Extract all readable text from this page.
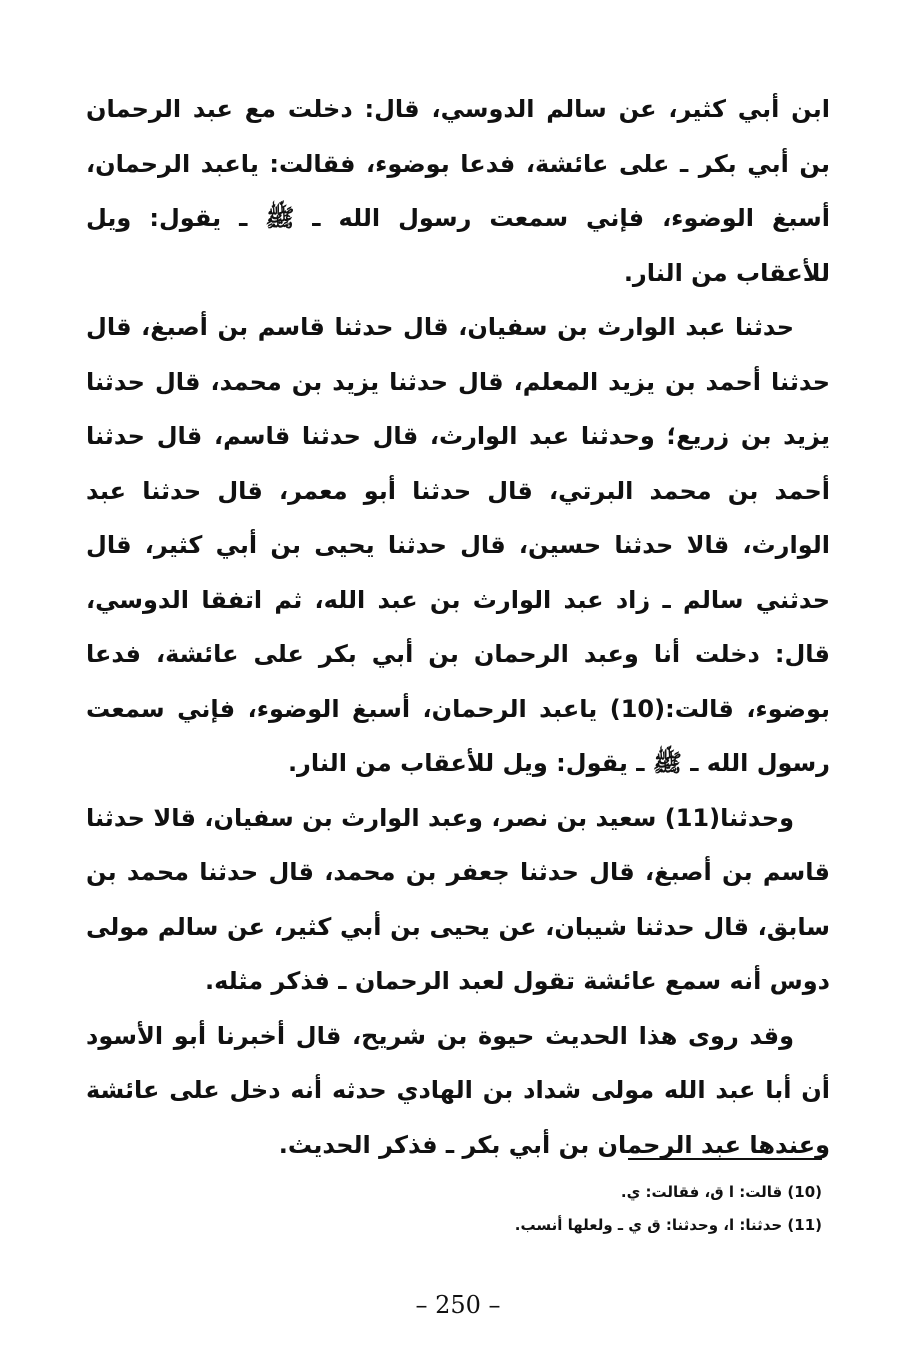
ابن أبي كثير، عن سالم الدوسي، قال: دخلت مع عبد الرحمان بن أبي بكر ـ على عائشة، فدعا بوضوء، فقالت: ياعبد الرحمان، أسبغ الوضوء، فإني سمعت رسول الله ـ ﷺ ـ يقول: ويل للأعقاب من النار.

حدثنا عبد الوارث بن سفيان، قال حدثنا قاسم بن أصبغ، قال حدثنا أحمد بن يزيد المعلم، قال حدثنا يزيد بن محمد، قال حدثنا يزيد بن زريع؛ وحدثنا عبد الوارث، قال حدثنا قاسم، قال حدثنا أحمد بن محمد البرتي، قال حدثنا أبو معمر، قال حدثنا عبد الوارث، قالا حدثنا حسين، قال حدثنا يحيى بن أبي كثير، قال حدثني سالم ـ زاد عبد الوارث بن عبد الله، ثم اتفقا الدوسي، قال: دخلت أنا وعبد الرحمان بن أبي بكر على عائشة، فدعا بوضوء، قالت:(10) ياعبد الرحمان، أسبغ الوضوء، فإني سمعت رسول الله ـ ﷺ ـ يقول: ويل للأعقاب من النار.

وحدثنا(11) سعيد بن نصر، وعبد الوارث بن سفيان، قالا حدثنا قاسم بن أصبغ، قال حدثنا جعفر بن محمد، قال حدثنا محمد بن سابق، قال حدثنا شيبان، عن يحيى بن أبي كثير، عن سالم مولى دوس أنه سمع عائشة تقول لعبد الرحمان ـ فذكر مثله.

وقد روى هذا الحديث حيوة بن شريح، قال أخبرنا أبو الأسود أن أبا عبد الله مولى شداد بن الهادي حدثه أنه دخل على عائشة وعندها عبد الرحمان بن أبي بكر ـ فذكر الحديث.

(10) قالت: ا ق، فقالت: ي.

(11) حدثنا: ا، وحدثنا: ق ي ـ ولعلها أنسب.

– 250 –
